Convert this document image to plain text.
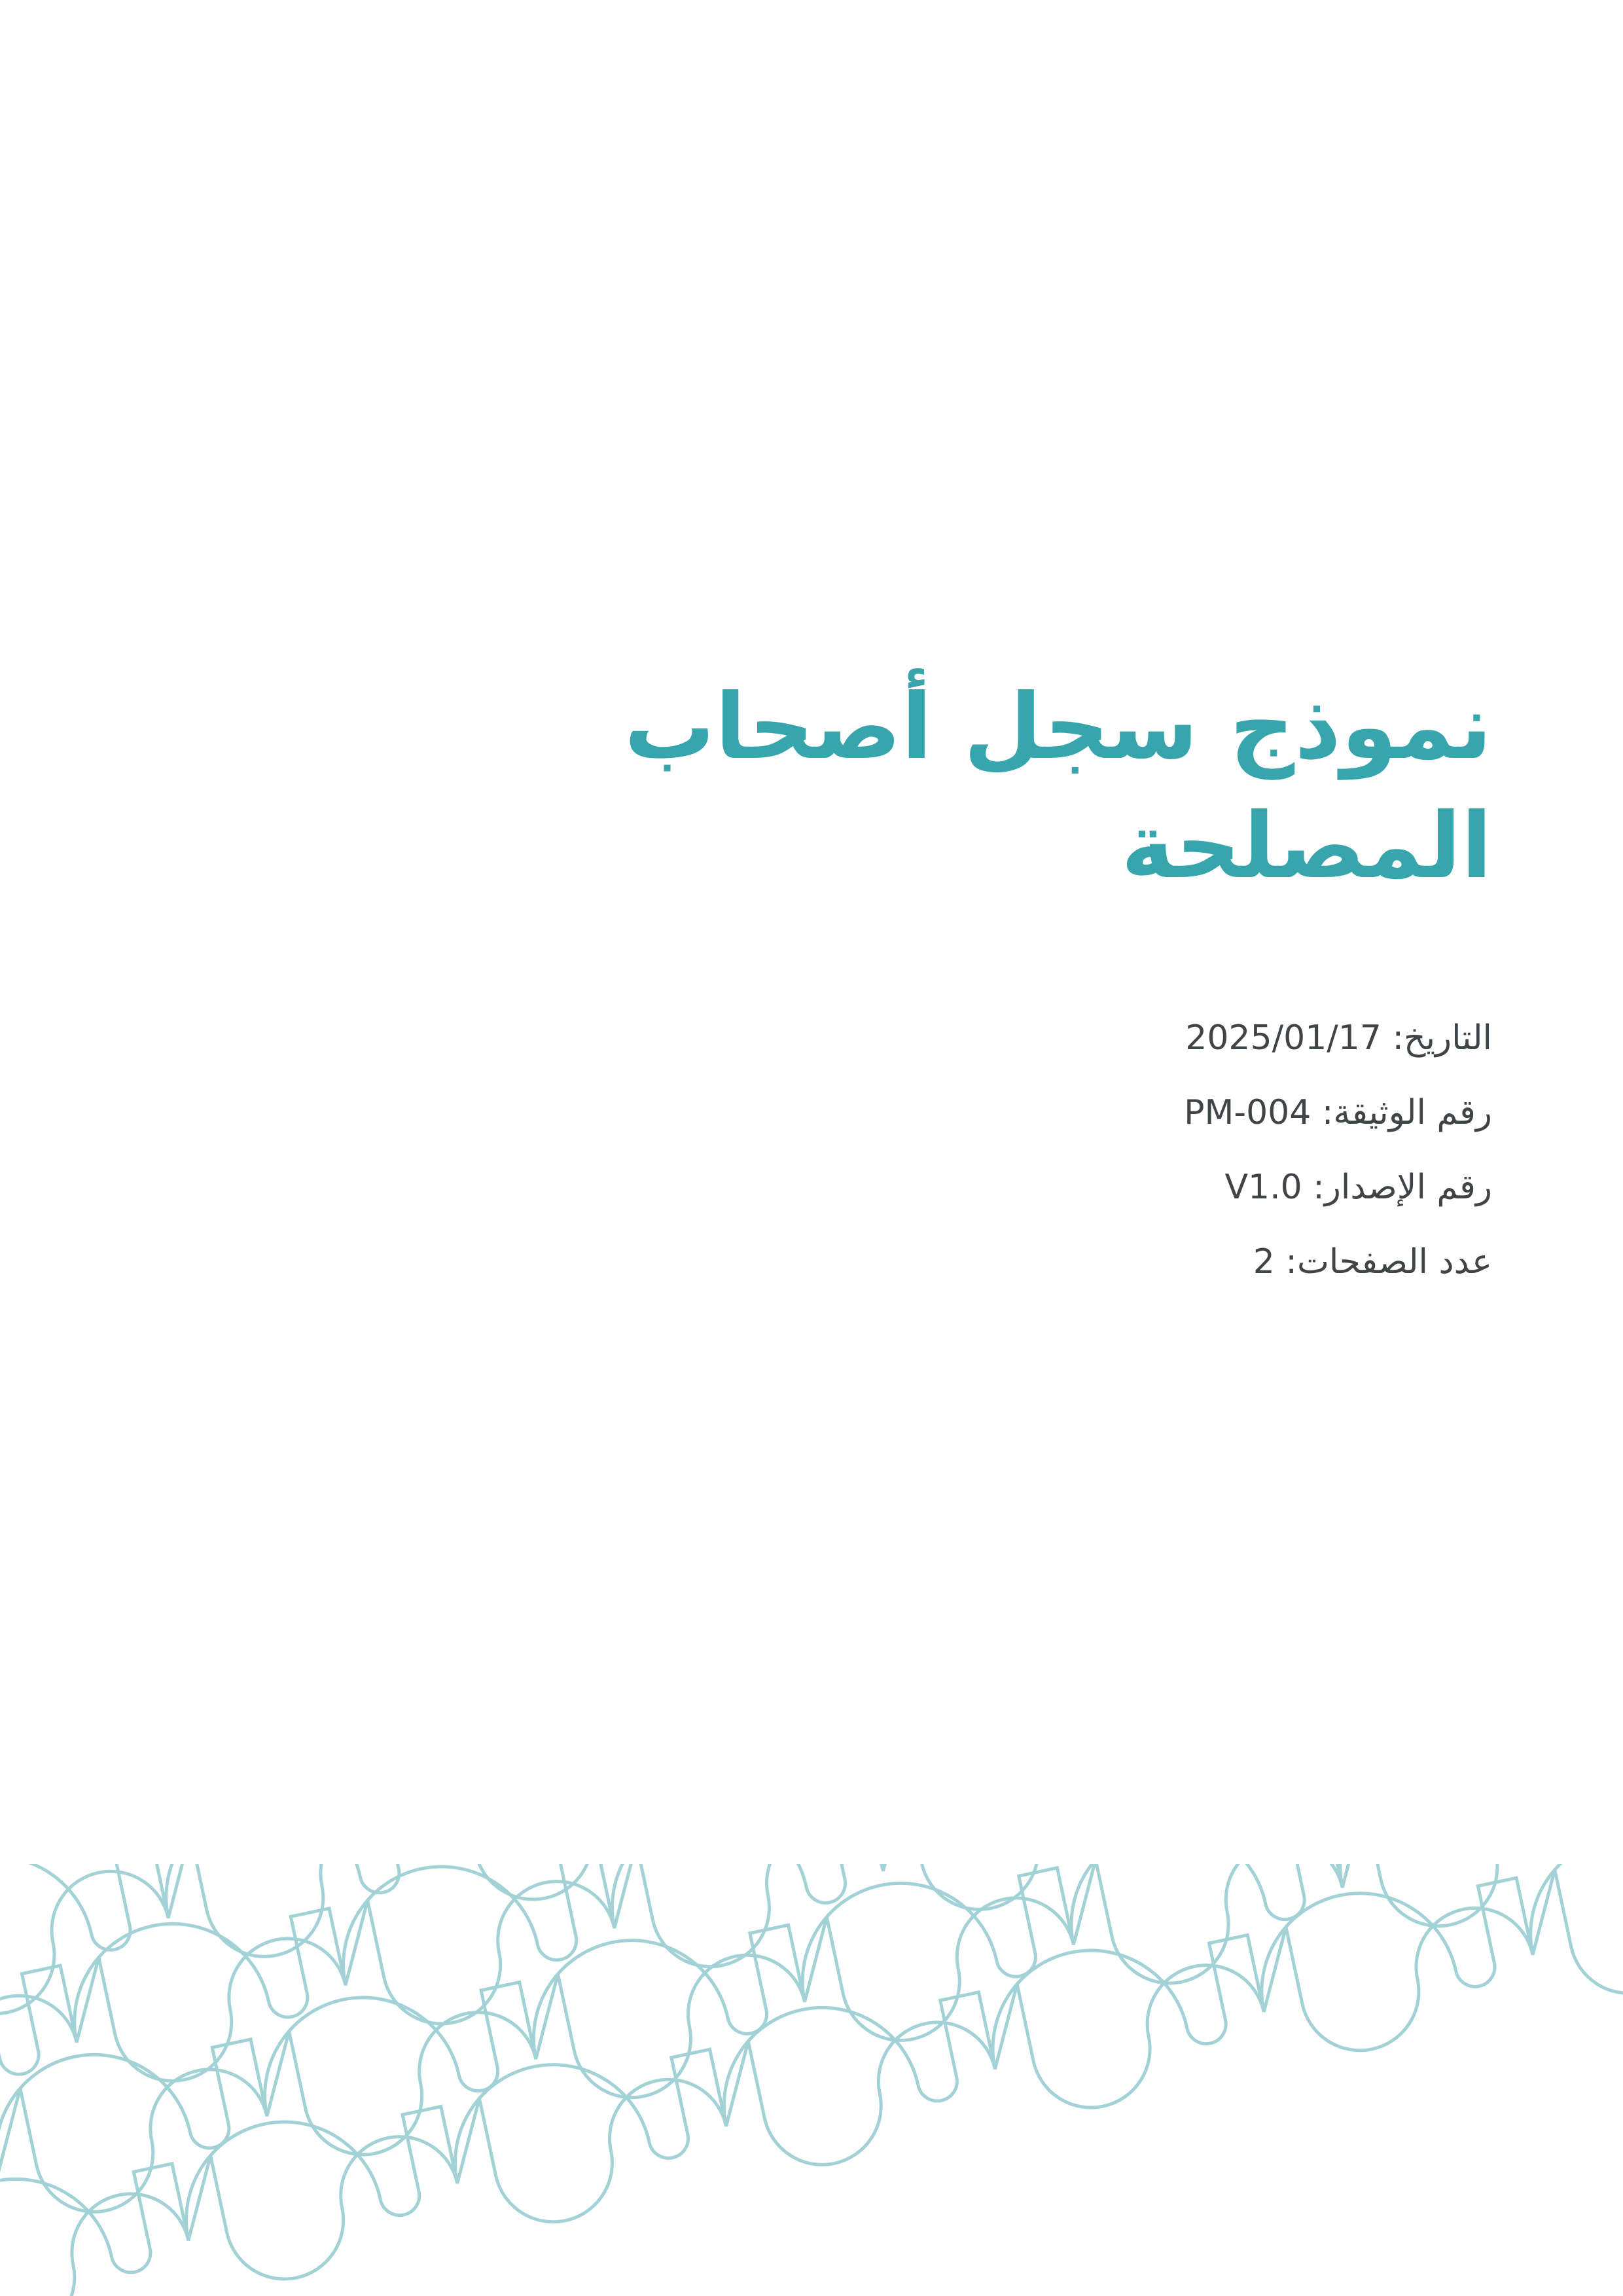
نموذج سجل أصحاب المصلحة

التاريخ: 2025/01/17

رقم الوثيقة: PM-004

رقم الإصدار: V1.0

عدد الصفحات: 2
